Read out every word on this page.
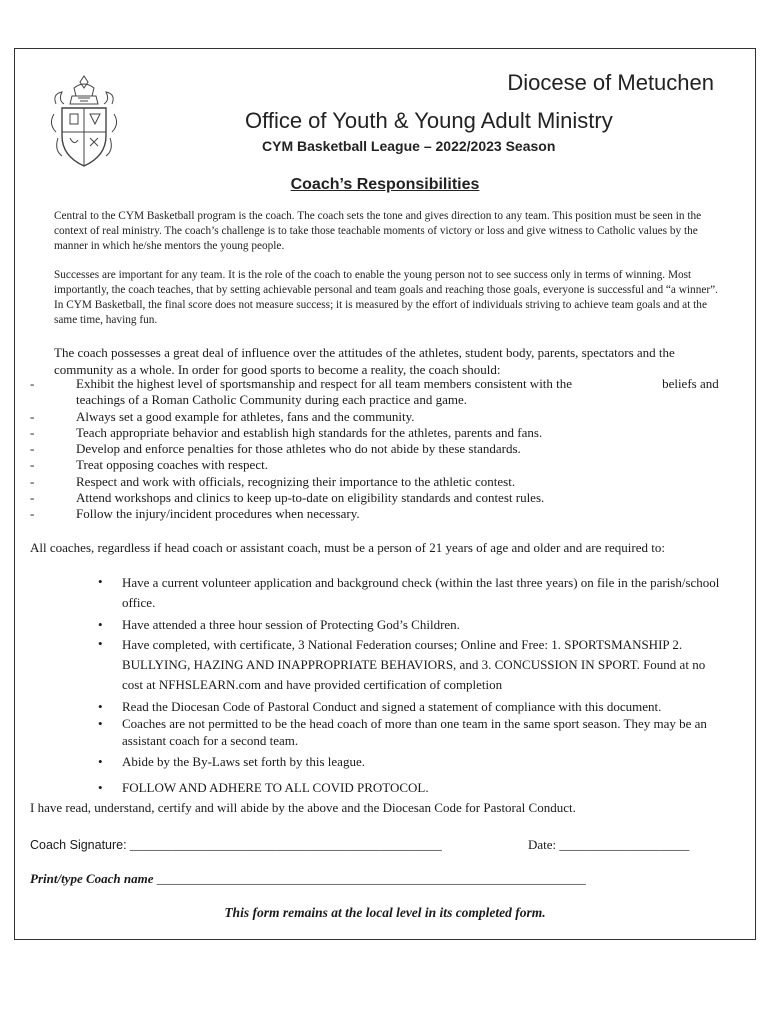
Diocese of Metuchen
Office of Youth & Young Adult Ministry
CYM Basketball League – 2022/2023 Season
Coach’s Responsibilities
Central to the CYM Basketball program is the coach. The coach sets the tone and gives direction to any team. This position must be seen in the context of real ministry. The coach’s challenge is to take those teachable moments of victory or loss and give witness to Catholic values by the manner in which he/she mentors the young people.
Successes are important for any team. It is the role of the coach to enable the young person not to see success only in terms of winning. Most importantly, the coach teaches, that by setting achievable personal and team goals and reaching those goals, everyone is successful and “a winner”. In CYM Basketball, the final score does not measure success; it is measured by the effort of individuals striving to achieve team goals and at the same time, having fun.
The coach possesses a great deal of influence over the attitudes of the athletes, student body, parents, spectators and the community as a whole. In order for good sports to become a reality, the coach should:
-	Exhibit the highest level of sportsmanship and respect for all team members consistent with the	beliefs and teachings of a Roman Catholic Community during each practice and game.
-	Always set a good example for athletes, fans and the community.
-	Teach appropriate behavior and establish high standards for the athletes, parents and fans.
-	Develop and enforce penalties for those athletes who do not abide by these standards.
-	Treat opposing coaches with respect.
-	Respect and work with officials, recognizing their importance to the athletic contest.
-	Attend workshops and clinics to keep up-to-date on eligibility standards and contest rules.
-	Follow the injury/incident procedures when necessary.
All coaches, regardless if head coach or assistant coach, must be a person of 21 years of age and older and are required to:
• Have a current volunteer application and background check (within the last three years) on file in the parish/school office.
• Have attended a three hour session of Protecting God’s Children.
• Have completed, with certificate, 3 National Federation courses; Online and Free: 1. SPORTSMANSHIP 2. BULLYING, HAZING AND INAPPROPRIATE BEHAVIORS, and 3. CONCUSSION IN SPORT. Found at no cost at NFHSLEARN.com and have provided certification of completion
• Read the Diocesan Code of Pastoral Conduct and signed a statement of compliance with this document.
• Coaches are not permitted to be the head coach of more than one team in the same sport season. They may be an assistant coach for a second team.
• Abide by the By-Laws set forth by this league.
• FOLLOW AND ADHERE TO ALL COVID PROTOCOL.
I have read, understand, certify and will abide by the above and the Diocesan Code for Pastoral Conduct.
Coach Signature: ________________________________________________	Date: ____________________
Print/type Coach name __________________________________________________________________
This form remains at the local level in its completed form.
